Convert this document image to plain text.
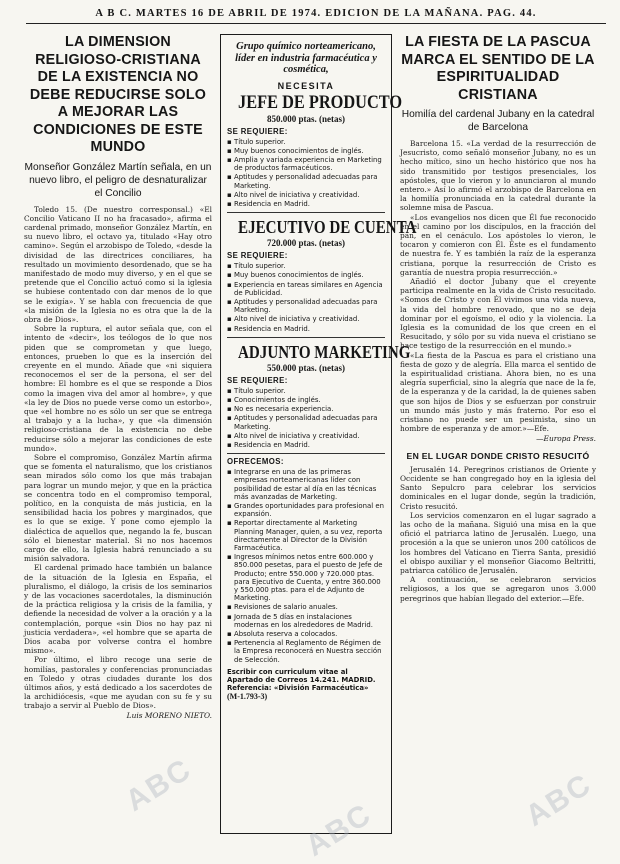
A B C. MARTES 16 DE ABRIL DE 1974. EDICION DE LA MAÑANA. PAG. 44.
LA DIMENSION RELIGIOSO-CRISTIANA DE LA EXISTENCIA NO DEBE REDUCIRSE SOLO A MEJORAR LAS CONDICIONES DE ESTE MUNDO
Monseñor González Martín señala, en un nuevo libro, el peligro de desnaturalizar el Concilio

Toledo 15. (De nuestro corresponsal.) «El Concilio Vaticano II no ha fracasado», afirma el cardenal primado, monseñor González Martín, en su nuevo libro, el octavo ya, titulado «Hay otro camino». Según el arzobispo de Toledo, «desde la divisidad de las directrices conciliares, ha resultado un movimiento desordenado, que se ha manifestado de modo muy diverso, y en el que se pretende que el Concilio actuó como si la iglesia se hubiese contentado con dar menos de lo que se le exigía». Y se habla con frecuencia de que «la misión de la Iglesia no es otra que la de la obra de Dios».

Sobre la ruptura, el autor señala que, con el intento de «decir», los teólogos de lo que nos piden que se comprometan y que luego, entonces, prueben lo que es la inserción del creyente en el mundo. Añade que «ni siquiera reconocemos el ser de la persona, el ser del hombre: El hombre es el que se responde a Dios como la imagen viva del amor al hombre», y que «la ley de Dios no puede verse como un estorbo», que «el hombre no es sólo un ser que se entrega al trabajo y a la lucha», y que «la dimensión religioso-cristiana de la existencia no debe reducirse sólo a mejorar las condiciones de este mundo».

Sobre el compromiso, González Martín afirma que se fomenta el naturalismo, que los cristianos sean mirados sólo como los que más trabajan para lograr un mundo mejor, y que en la práctica se concentra todo en el compromiso temporal, político, en la conquista de más justicia, en la sensibilidad hacia los pobres y marginados, que es lo que se exige. Y pone como ejemplo la dialéctica de aquellos que, negando la fe, buscan sólo el bienestar material. Si no nos hacemos cargo de ello, la Iglesia habrá renunciado a su misión salvadora.

El cardenal primado hace también un balance de la situación de la Iglesia en España, el pluralismo, el diálogo, la crisis de los seminarios y de las vocaciones sacerdotales, la disminución de la práctica religiosa y la crisis de la familia, y defiende la necesidad de volver a la oración y a la contemplación, porque «sin Dios no hay paz ni justicia verdadera», «el hombre que se aparta de Dios acaba por volverse contra el hombre mismo».

Por último, el libro recoge una serie de homilías, pastorales y conferencias pronunciadas en Toledo y otras ciudades durante los dos últimos años, y está dedicado a los sacerdotes de la archidiócesis, «que me ayudan con su fe y su trabajo a servir al Pueblo de Dios».

Luis MORENO NIETO.
Grupo químico norteamericano, líder en industria farmacéutica y cosmética,
NECESITA
JEFE DE PRODUCTO
850.000 ptas. (netas)
SE REQUIERE:
▪ Título superior.
▪ Muy buenos conocimientos de inglés.
▪ Amplia y variada experiencia en Marketing de productos farmacéuticos.
▪ Aptitudes y personalidad adecuadas para Marketing.
▪ Alto nivel de iniciativa y creatividad.
▪ Residencia en Madrid.
EJECUTIVO DE CUENTA
720.000 ptas. (netas)
SE REQUIERE:
▪ Título superior.
▪ Muy buenos conocimientos de inglés.
▪ Experiencia en tareas similares en Agencia de Publicidad.
▪ Aptitudes y personalidad adecuadas para Marketing.
▪ Alto nivel de iniciativa y creatividad.
▪ Residencia en Madrid.
ADJUNTO MARKETING
550.000 ptas. (netas)
SE REQUIERE:
▪ Título superior.
▪ Conocimientos de inglés.
▪ No es necesaria experiencia.
▪ Aptitudes y personalidad adecuadas para Marketing.
▪ Alto nivel de iniciativa y creatividad.
▪ Residencia en Madrid.
OFRECEMOS:
▪ Integrarse en una de las primeras empresas norteamericanas líder con posibilidad de estar al día en las técnicas más avanzadas de Marketing.
▪ Grandes oportunidades para profesional en expansión.
▪ Reportar directamente al Marketing Planning Manager, quien, a su vez, reporta directamente al Director de la División Farmacéutica.
▪ Ingresos mínimos netos entre 600.000 y 850.000 pesetas, para el puesto de Jefe de Producto; entre 550.000 y 720.000 ptas. para Ejecutivo de Cuenta, y entre 360.000 y 550.000 ptas. para el de Adjunto de Marketing.
▪ Revisiones de salario anuales.
▪ Jornada de 5 días en instalaciones modernas en los alrededores de Madrid.
▪ Absoluta reserva a colocados.
▪ Pertenencia al Reglamento de Régimen de la Empresa reconocerá en Nuestra sección de Selección.
Escribir con curriculum vitae al Apartado de Correos 14.241. MADRID. Referencia: «División Farmacéutica»
(M-1.793-3)
LA FIESTA DE LA PASCUA MARCA EL SENTIDO DE LA ESPIRITUALIDAD CRISTIANA
Homilía del cardenal Jubany en la catedral de Barcelona

Barcelona 15. «La verdad de la resurrección de Jesucristo, como señaló monseñor Jubany, no es un hecho mítico, sino un hecho histórico que nos ha sido transmitido por testigos presenciales, los apóstoles, que lo vieron y lo anunciaron al mundo entero.» Así lo afirmó el arzobispo de Barcelona en la homilía pronunciada en la catedral durante la solemne misa de Pascua.

«Los evangelios nos dicen que Él fue reconocido en el camino por los discípulos, en la fracción del pan, en el cenáculo. Los apóstoles lo vieron, le tocaron y comieron con Él. Éste es el fundamento de nuestra fe. Y es también la raíz de la esperanza cristiana, porque la resurrección de Cristo es garantía de nuestra propia resurrección.»

Añadió el doctor Jubany que el creyente participa realmente en la vida de Cristo resucitado. «Somos de Cristo y con Él vivimos una vida nueva, la vida del hombre renovado, que no se deja dominar por el egoísmo, el odio y la violencia. La Iglesia es la comunidad de los que creen en el Resucitado, y sólo por su vida nueva el cristiano se hace testigo de la resurrección en el mundo.»

«La fiesta de la Pascua es para el cristiano una fiesta de gozo y de alegría. Ella marca el sentido de la espiritualidad cristiana. Ahora bien, no es una alegría superficial, sino la alegría que nace de la fe, de la esperanza y de la caridad, la de quienes saben que son hijos de Dios y se esfuerzan por construir un mundo más justo y más fraterno. Por eso el cristiano no puede ser un pesimista, sino un hombre de esperanza y de amor.»—Efe.

—Europa Press.
EN EL LUGAR DONDE CRISTO RESUCITÓ

Jerusalén 14. Peregrinos cristianos de Oriente y Occidente se han congregado hoy en la iglesia del Santo Sepulcro para celebrar los servicios dominicales en el lugar donde, según la tradición, Cristo resucitó.

Los servicios comenzaron en el lugar sagrado a las ocho de la mañana. Siguió una misa en la que ofició el patriarca latino de Jerusalén. Luego, una procesión a la que se unieron unos 200 católicos de los hombres del Vaticano en Tierra Santa, presidió el obispo auxiliar y el monseñor Giacomo Beltritti, patriarca católico de Jerusalén.

A continuación, se celebraron servicios religiosos, a los que se agregaron unos 3.000 peregrinos que habían llegado del exterior.—Efe.

ABC
ABC	ABC
